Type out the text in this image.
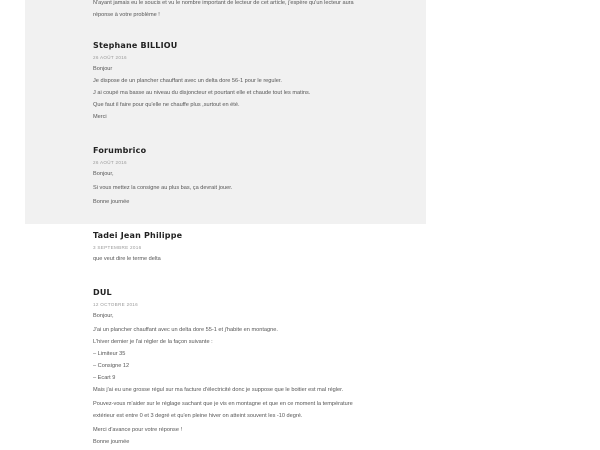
N'ayant jamais eu le soucis et vu le nombre important de lecteur de cet article, j'espère qu'un lecteur aura

réponse à votre problème !

Stephane BILLIOU

26 AOÛT 2016

Bonjour

Je dispose de un plancher chauffant avec un delta dore 56-1 pour le reguler.

J ai coupé ma basse au niveau du disjoncteur et pourtant elle et chaude tout les matins.

Que faut il faire pour qu'elle ne chauffe plus ,surtout en été.

Merci

Forumbrico

26 AOÛT 2016

Bonjour,

Si vous mettez la consigne au plus bas, ça devrait jouer.

Bonne journée

Tadei Jean Philippe

3 SEPTEMBRE 2016

que veut dire le terme delta

DUL

12 OCTOBRE 2016

Bonjour,

J'ai un plancher chauffant avec un delta dore 55-1 et j'habite en montagne.

L'hiver dernier je l'ai régler de la façon suivante :

– Limiteur 35

– Consigne 12

– Ecart 9

Mais j'ai eu une grosse régul sur ma facture d'électricité donc je suppose que le boitier est mal régler.

Pouvez-vous m'aider sur le réglage sachant que je vis en montagne et que en ce moment la température

extérieur est entre 0 et 3 degré et qu'en pleine hiver on atteint souvent les -10 degré.

Merci d'avance pour votre réponse !

Bonne journée
